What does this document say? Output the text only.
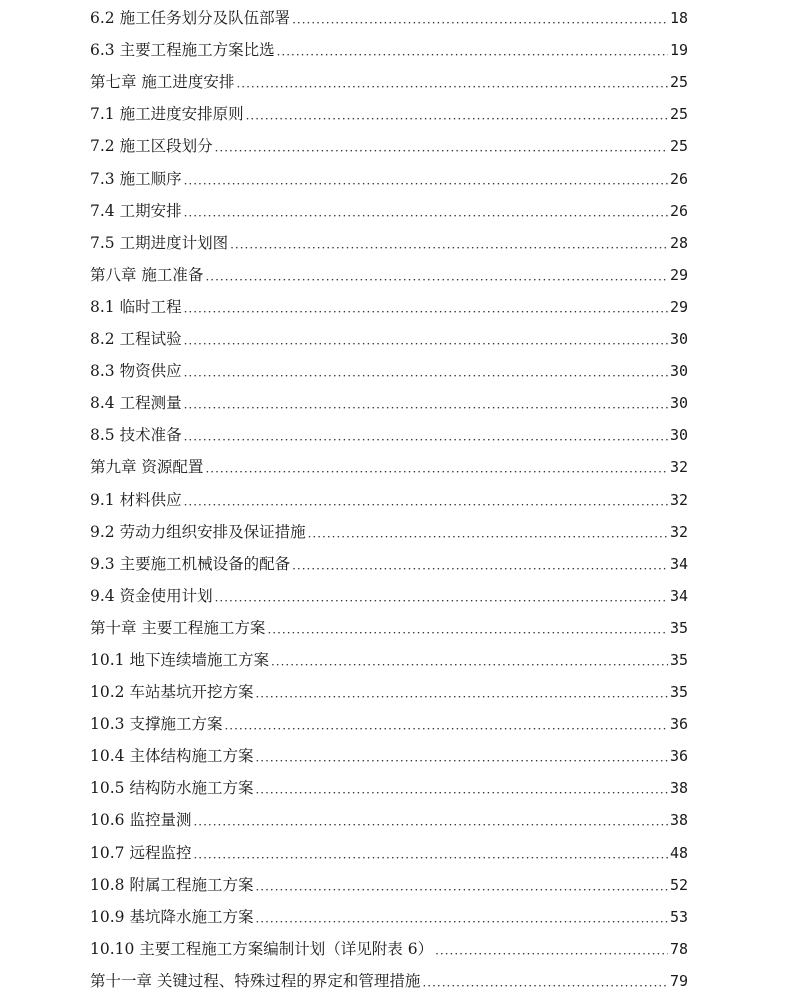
6.2 施工任务划分及队伍部署 ·····	18
6.3 主要工程施工方案比选 ·····	19
第七章 施工进度安排 ·····	25
7.1 施工进度安排原则 ·····	25
7.2 施工区段划分 ·····	25
7.3 施工顺序 ·····	26
7.4 工期安排 ·····	26
7.5 工期进度计划图 ·····	28
第八章 施工准备 ·····	29
8.1 临时工程 ·····	29
8.2 工程试验 ·····	30
8.3 物资供应 ·····	30
8.4 工程测量 ·····	30
8.5 技术准备 ·····	30
第九章 资源配置 ·····	32
9.1 材料供应 ·····	32
9.2 劳动力组织安排及保证措施 ·····	32
9.3 主要施工机械设备的配备 ·····	34
9.4 资金使用计划 ·····	34
第十章 主要工程施工方案 ·····	35
10.1 地下连续墙施工方案 ·····	35
10.2 车站基坑开挖方案 ·····	35
10.3 支撑施工方案 ·····	36
10.4 主体结构施工方案 ·····	36
10.5 结构防水施工方案 ·····	38
10.6 监控量测 ·····	38
10.7 远程监控 ·····	48
10.8 附属工程施工方案 ·····	52
10.9 基坑降水施工方案 ·····	53
10.10 主要工程施工方案编制计划（详见附表 6） ·····	78
第十一章 关键过程、特殊过程的界定和管理措施 ·····	79
